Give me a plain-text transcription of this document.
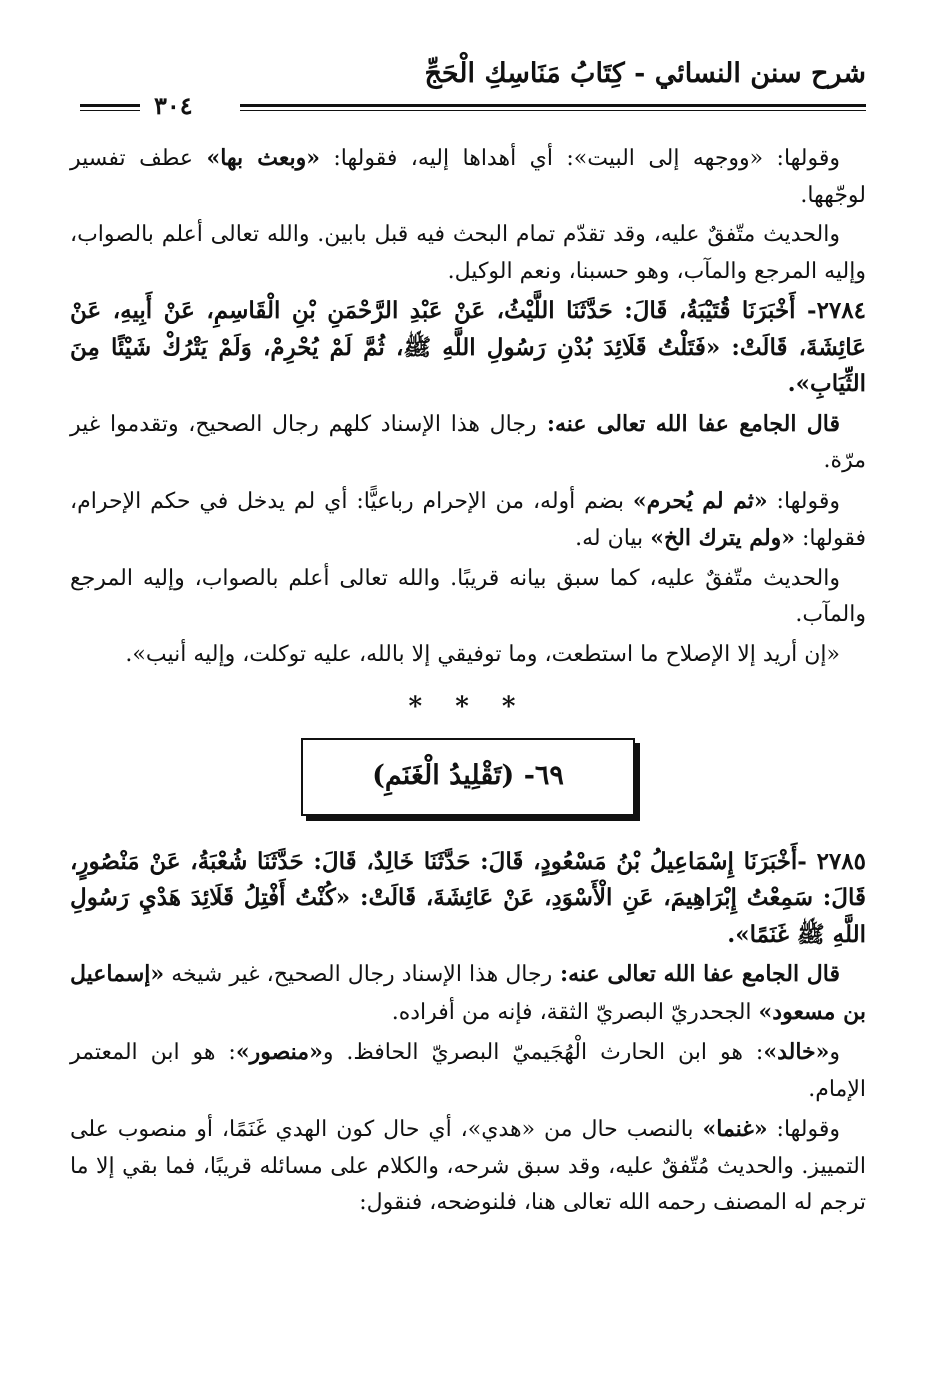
شرح سنن النسائي - كِتَابُ مَنَاسِكِ الْحَجِّ
٣٠٤

وقولها: «ووجهه إلى البيت»: أي أهداها إليه، فقولها: «وبعث بها» عطف تفسير لوجّهها.

والحديث متّفقٌ عليه، وقد تقدّم تمام البحث فيه قبل بابين. والله تعالى أعلم بالصواب، وإليه المرجع والمآب، وهو حسبنا، ونعم الوكيل.

٢٧٨٤- أَخْبَرَنَا قُتَيْبَةُ، قَالَ: حَدَّثَنَا اللَّيْثُ، عَنْ عَبْدِ الرَّحْمَنِ بْنِ الْقَاسِمِ، عَنْ أَبِيهِ، عَنْ عَائِشَةَ، قَالَتْ: «فَتَلْتُ قَلَائِدَ بُدْنِ رَسُولِ اللَّهِ ﷺ، ثُمَّ لَمْ يُحْرِمْ، وَلَمْ يَتْرُكْ شَيْئًا مِنَ الثِّيَابِ».

قال الجامع عفا الله تعالى عنه: رجال هذا الإسناد كلهم رجال الصحيح، وتقدموا غير مرّة.

وقولها: «ثم لم يُحرم» بضم أوله، من الإحرام رباعيًّا: أي لم يدخل في حكم الإحرام، فقولها: «ولم يترك الخ» بيان له.

والحديث متّفقٌ عليه، كما سبق بيانه قريبًا. والله تعالى أعلم بالصواب، وإليه المرجع والمآب.

«إن أريد إلا الإصلاح ما استطعت، وما توفيقي إلا بالله، عليه توكلت، وإليه أنيب».

* * *
٦٩- (تَقْلِيدُ الْغَنَمِ)

٢٧٨٥ -أَخْبَرَنَا إِسْمَاعِيلُ بْنُ مَسْعُودٍ، قَالَ: حَدَّثَنَا خَالِدٌ، قَالَ: حَدَّثَنَا شُعْبَةُ، عَنْ مَنْصُورٍ، قَالَ: سَمِعْتُ إِبْرَاهِيمَ، عَنِ الْأَسْوَدِ، عَنْ عَائِشَةَ، قَالَتْ: «كُنْتُ أَفْتِلُ قَلَائِدَ هَدْيِ رَسُولِ اللَّهِ ﷺ غَنَمًا».

قال الجامع عفا الله تعالى عنه: رجال هذا الإسناد رجال الصحيح، غير شيخه «إسماعيل بن مسعود» الجحدريّ البصريّ الثقة، فإنه من أفراده.

و«خالد»: هو ابن الحارث الْهُجَيميّ البصريّ الحافظ. و«منصور»: هو ابن المعتمر الإمام.

وقولها: «غنما» بالنصب حال من «هدي»، أي حال كون الهدي غَنَمًا، أو منصوب على التمييز. والحديث مُتّفقٌ عليه، وقد سبق شرحه، والكلام على مسائله قريبًا، فما بقي إلا ما ترجم له المصنف رحمه الله تعالى هنا، فلنوضحه، فنقول:
